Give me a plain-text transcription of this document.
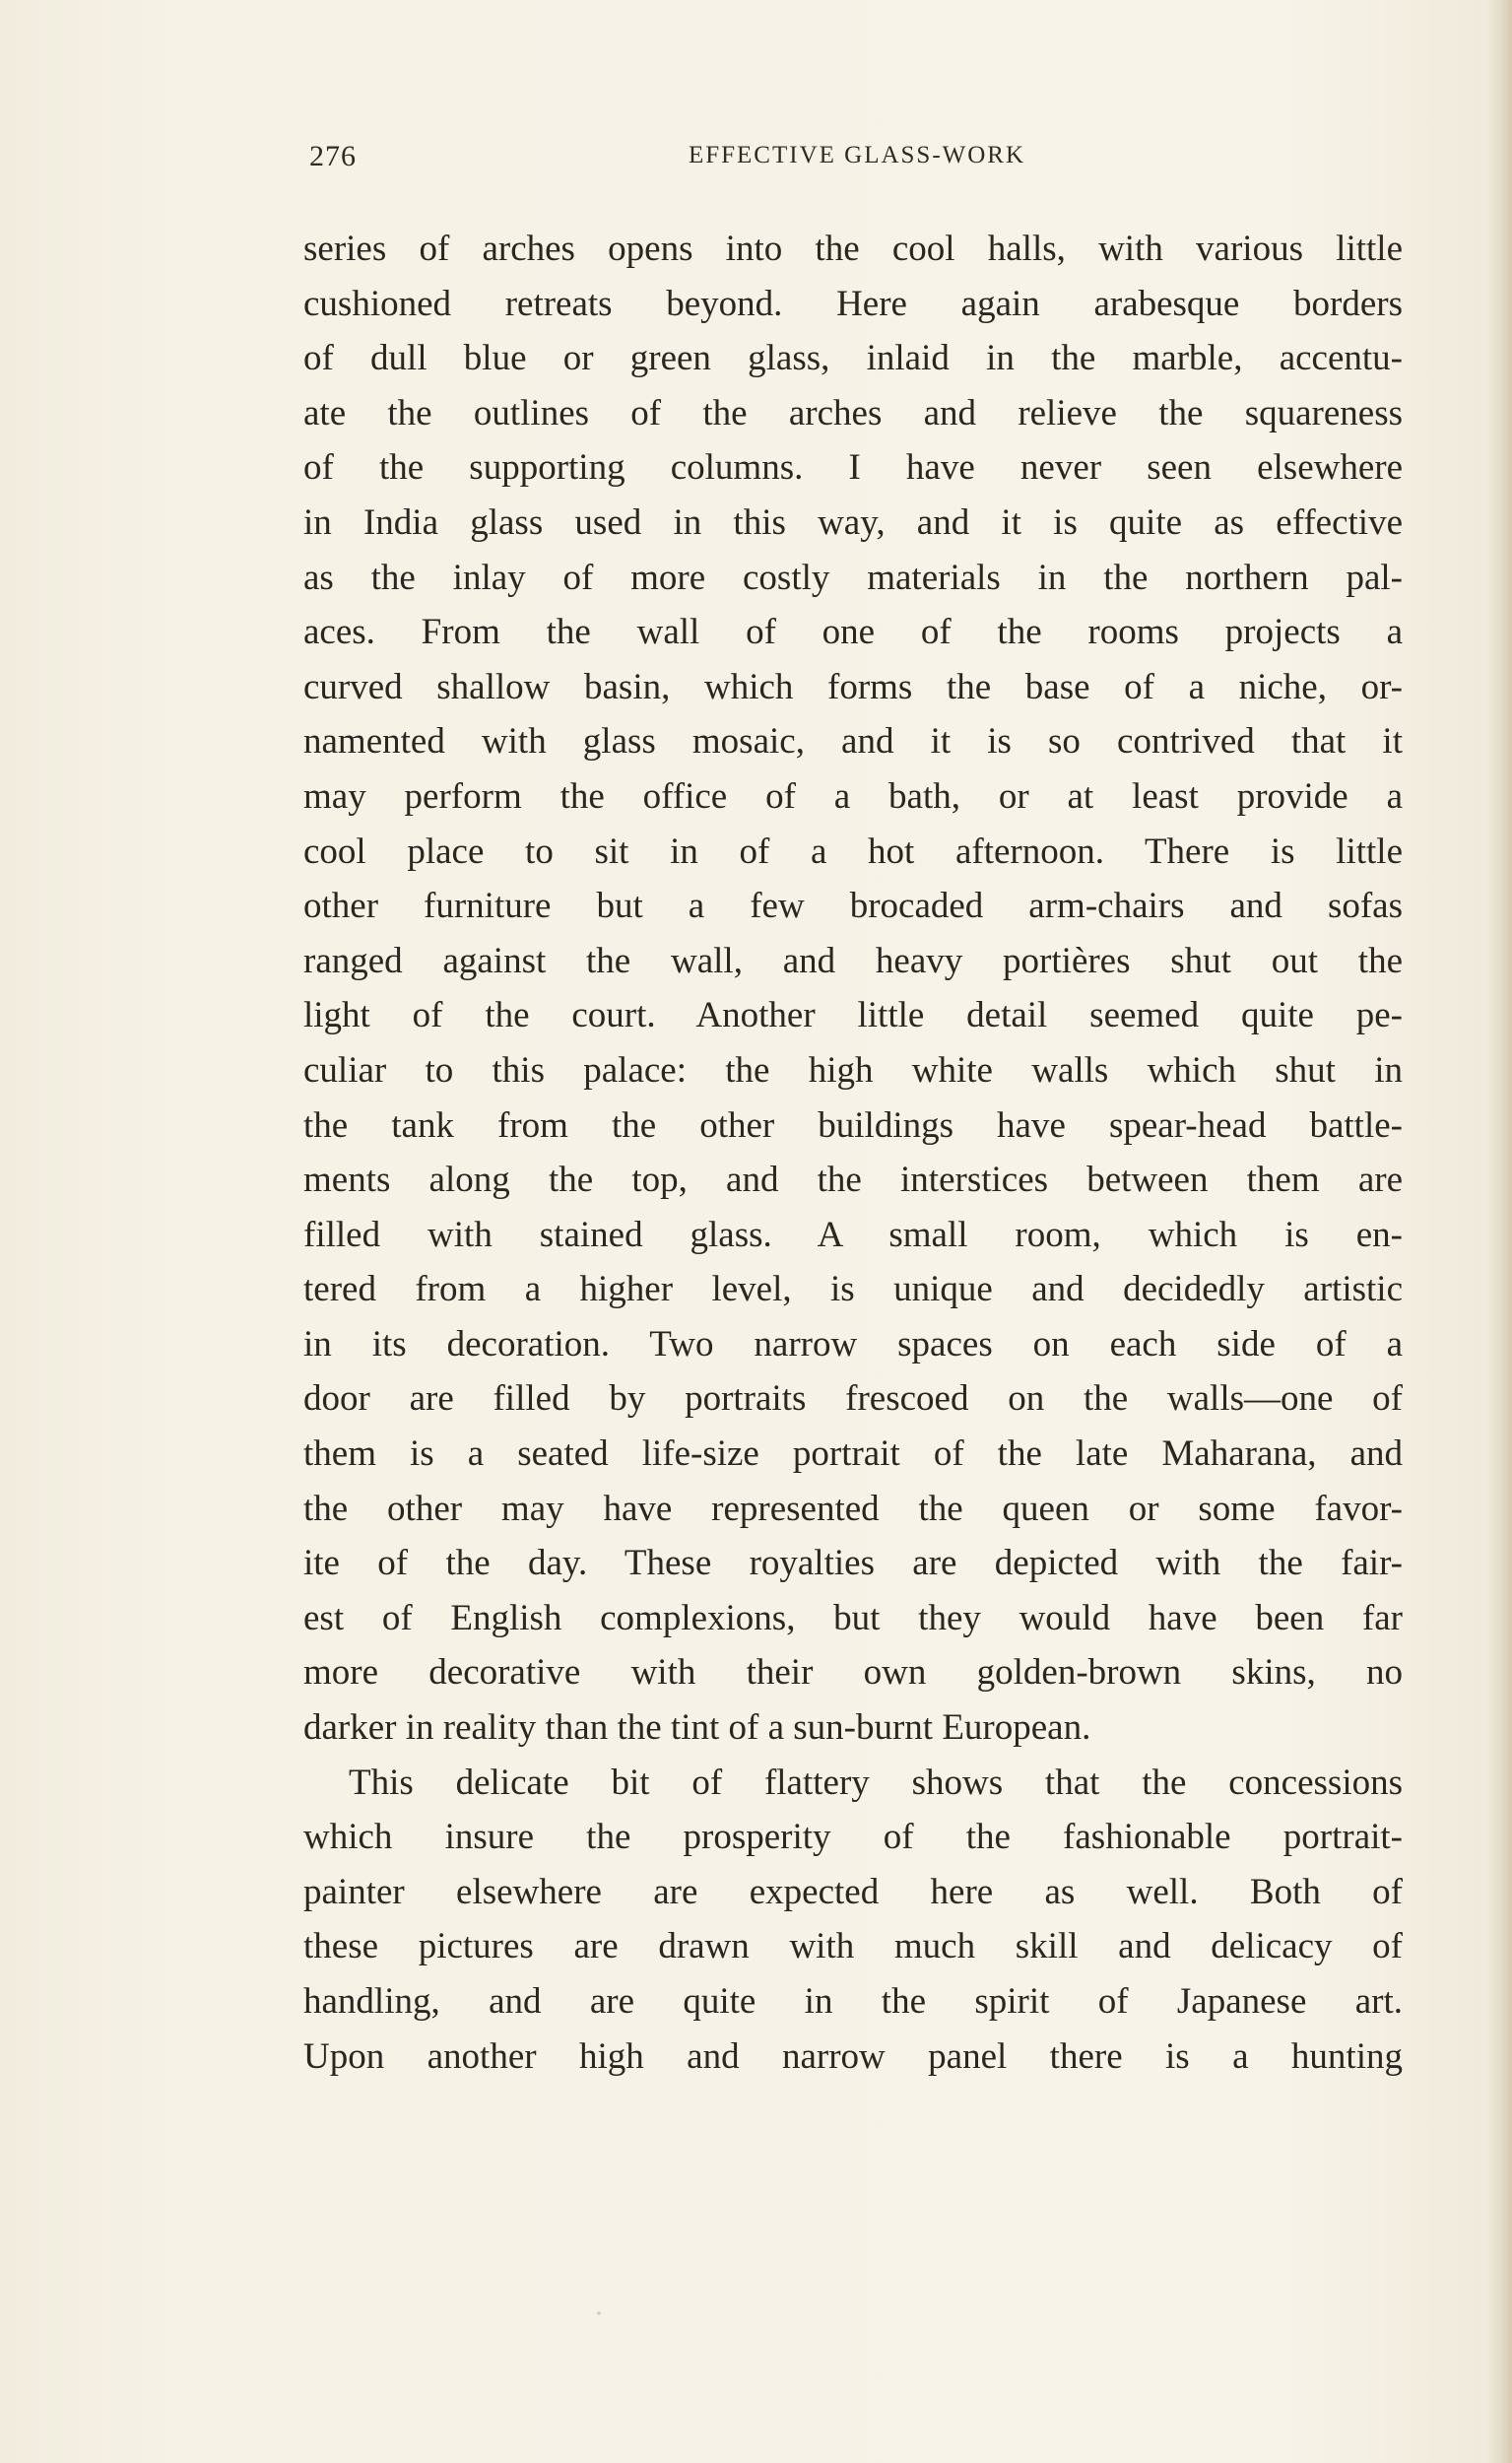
276	EFFECTIVE GLASS-WORK
series of arches opens into the cool halls, with various little
cushioned retreats beyond. Here again arabesque borders
of dull blue or green glass, inlaid in the marble, accentu-
ate the outlines of the arches and relieve the squareness
of the supporting columns. I have never seen elsewhere
in India glass used in this way, and it is quite as effective
as the inlay of more costly materials in the northern pal-
aces. From the wall of one of the rooms projects a
curved shallow basin, which forms the base of a niche, or-
namented with glass mosaic, and it is so contrived that it
may perform the office of a bath, or at least provide a
cool place to sit in of a hot afternoon. There is little
other furniture but a few brocaded arm-chairs and sofas
ranged against the wall, and heavy portières shut out the
light of the court. Another little detail seemed quite pe-
culiar to this palace: the high white walls which shut in
the tank from the other buildings have spear-head battle-
ments along the top, and the interstices between them are
filled with stained glass. A small room, which is en-
tered from a higher level, is unique and decidedly artistic
in its decoration. Two narrow spaces on each side of a
door are filled by portraits frescoed on the walls—one of
them is a seated life-size portrait of the late Maharana, and
the other may have represented the queen or some favor-
ite of the day. These royalties are depicted with the fair-
est of English complexions, but they would have been far
more decorative with their own golden-brown skins, no
darker in reality than the tint of a sun-burnt European.
This delicate bit of flattery shows that the concessions
which insure the prosperity of the fashionable portrait-
painter elsewhere are expected here as well. Both of
these pictures are drawn with much skill and delicacy of
handling, and are quite in the spirit of Japanese art.
Upon another high and narrow panel there is a hunting
